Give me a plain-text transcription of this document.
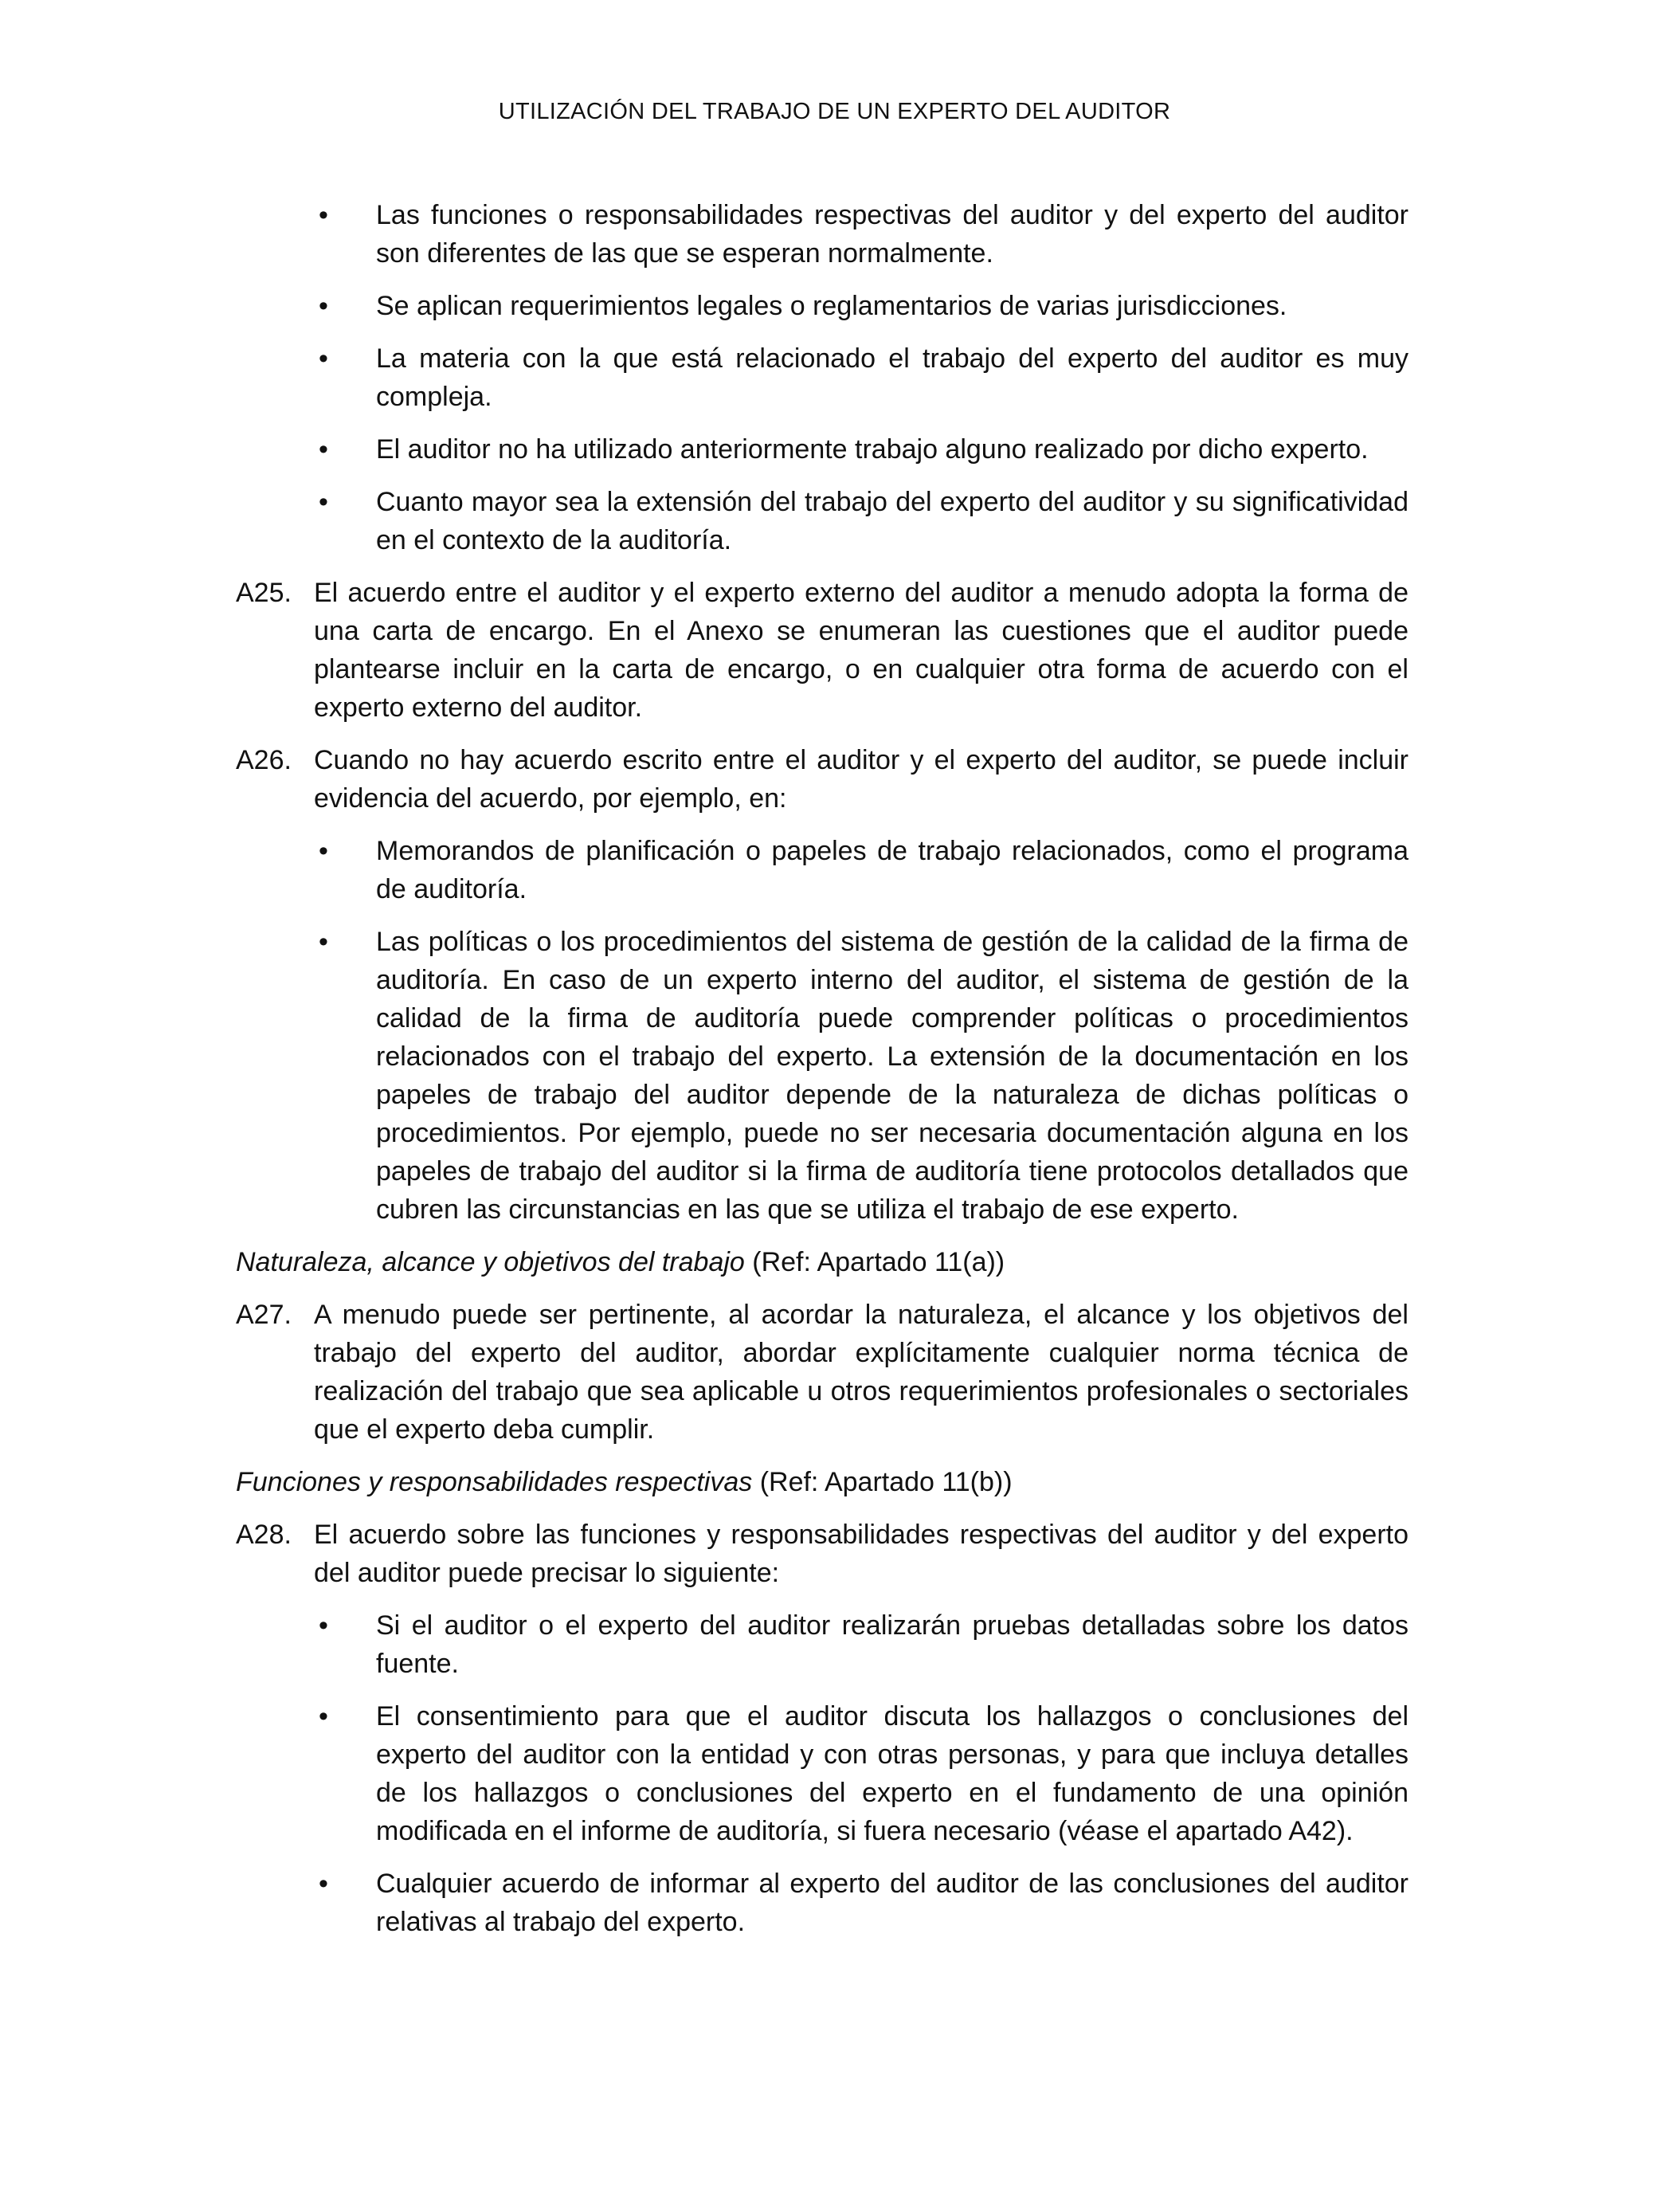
UTILIZACIÓN DEL TRABAJO DE UN EXPERTO DEL AUDITOR
• Las funciones o responsabilidades respectivas del auditor y del experto del auditor son diferentes de las que se esperan normalmente.
• Se aplican requerimientos legales o reglamentarios de varias jurisdicciones.
• La materia con la que está relacionado el trabajo del experto del auditor es muy compleja.
• El auditor no ha utilizado anteriormente trabajo alguno realizado por dicho experto.
• Cuanto mayor sea la extensión del trabajo del experto del auditor y su significatividad en el contexto de la auditoría.
A25. El acuerdo entre el auditor y el experto externo del auditor a menudo adopta la forma de una carta de encargo. En el Anexo se enumeran las cuestiones que el auditor puede plantearse incluir en la carta de encargo, o en cualquier otra forma de acuerdo con el experto externo del auditor.
A26. Cuando no hay acuerdo escrito entre el auditor y el experto del auditor, se puede incluir evidencia del acuerdo, por ejemplo, en:
• Memorandos de planificación o papeles de trabajo relacionados, como el programa de auditoría.
• Las políticas o los procedimientos del sistema de gestión de la calidad de la firma de auditoría. En caso de un experto interno del auditor, el sistema de gestión de la calidad de la firma de auditoría puede comprender políticas o procedimientos relacionados con el trabajo del experto. La extensión de la documentación en los papeles de trabajo del auditor depende de la naturaleza de dichas políticas o procedimientos. Por ejemplo, puede no ser necesaria documentación alguna en los papeles de trabajo del auditor si la firma de auditoría tiene protocolos detallados que cubren las circunstancias en las que se utiliza el trabajo de ese experto.
Naturaleza, alcance y objetivos del trabajo (Ref: Apartado 11(a))
A27. A menudo puede ser pertinente, al acordar la naturaleza, el alcance y los objetivos del trabajo del experto del auditor, abordar explícitamente cualquier norma técnica de realización del trabajo que sea aplicable u otros requerimientos profesionales o sectoriales que el experto deba cumplir.
Funciones y responsabilidades respectivas (Ref: Apartado 11(b))
A28. El acuerdo sobre las funciones y responsabilidades respectivas del auditor y del experto del auditor puede precisar lo siguiente:
• Si el auditor o el experto del auditor realizarán pruebas detalladas sobre los datos fuente.
• El consentimiento para que el auditor discuta los hallazgos o conclusiones del experto del auditor con la entidad y con otras personas, y para que incluya detalles de los hallazgos o conclusiones del experto en el fundamento de una opinión modificada en el informe de auditoría, si fuera necesario (véase el apartado A42).
• Cualquier acuerdo de informar al experto del auditor de las conclusiones del auditor relativas al trabajo del experto.
